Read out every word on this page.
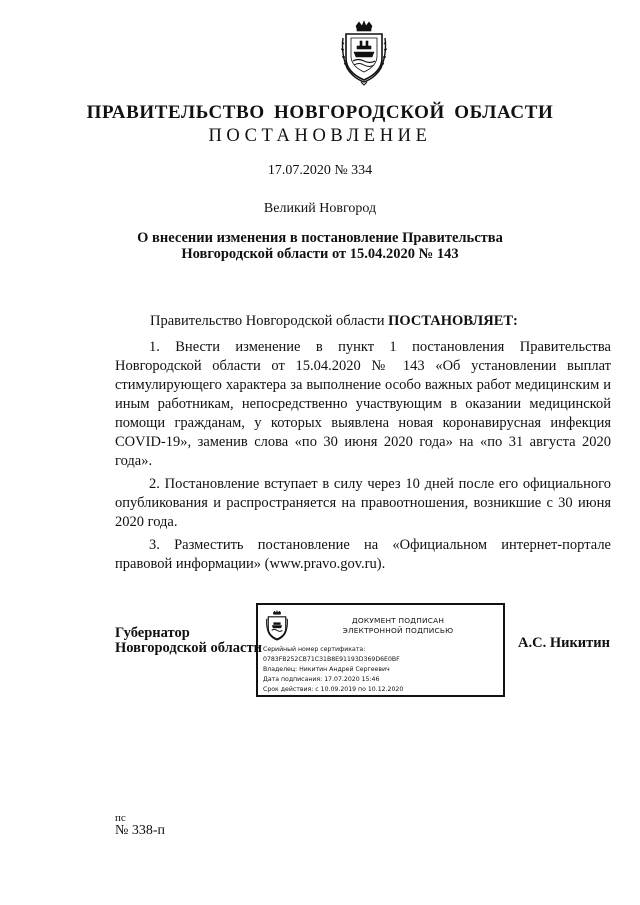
ПРАВИТЕЛЬСТВО НОВГОРОДСКОЙ ОБЛАСТИ
ПОСТАНОВЛЕНИЕ
17.07.2020 № 334
Великий Новгород
О внесении изменения в постановление Правительства
Новгородской области от 15.04.2020 № 143
Правительство Новгородской области ПОСТАНОВЛЯЕТ:

1. Внести изменение в пункт 1 постановления Правительства Новгородской области от 15.04.2020 № 143 «Об установлении выплат стимулирующего характера за выполнение особо важных работ медицинским и иным работникам, непосредственно участвующим в оказании медицинской помощи гражданам, у которых выявлена новая коронавирусная инфекция COVID-19», заменив слова «по 30 июня 2020 года» на «по 31 августа 2020 года».

2. Постановление вступает в силу через 10 дней после его официального опубликования и распространяется на правоотношения, возникшие с 30 июня 2020 года.

3. Разместить постановление на «Официальном интернет-портале правовой информации» (www.pravo.gov.ru).

Губернатор
Новгородской области
ДОКУМЕНТ ПОДПИСАН
ЭЛЕКТРОННОЙ ПОДПИСЬЮ
Серийный номер сертификата:
0783FB252CB71C31B8E91193D369D6E0BF
Владелец: Никитин Андрей Сергеевич
Дата подписания: 17.07.2020 15:46
Срок действия: с 10.09.2019 по 10.12.2020
А.С. Никитин
пс
№ 338-п
